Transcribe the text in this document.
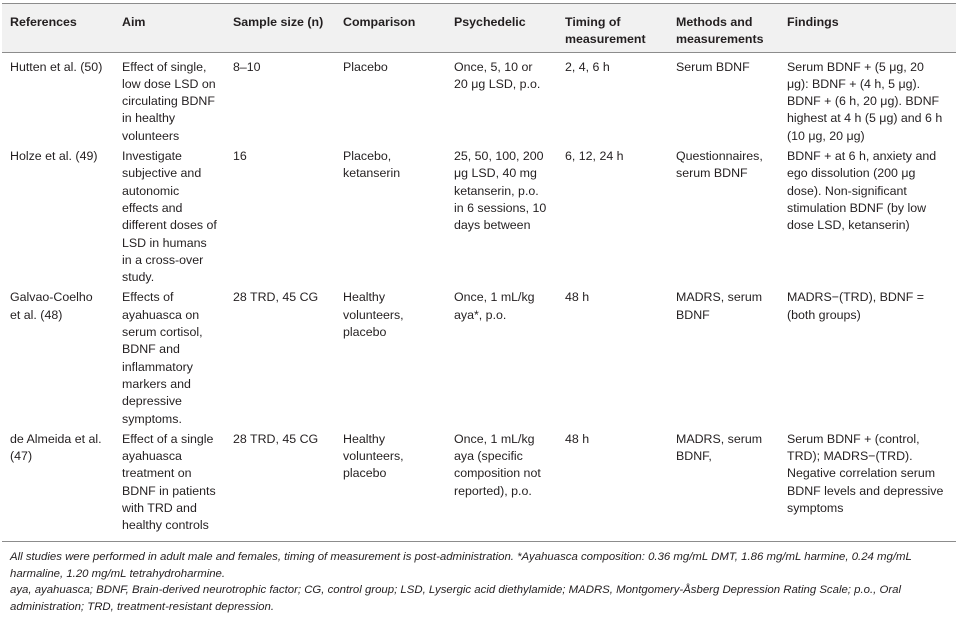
References	Aim	Sample size (n)	Comparison	Psychedelic	Timing of measurement	Methods and measurements	Findings
Hutten et al. (50)	Effect of single, low dose LSD on circulating BDNF in healthy volunteers	8–10	Placebo	Once, 5, 10 or 20 μg LSD, p.o.	2, 4, 6 h	Serum BDNF	Serum BDNF + (5 μg, 20 μg): BDNF + (4 h, 5 μg). BDNF + (6 h, 20 μg). BDNF highest at 4 h (5 μg) and 6 h (10 μg, 20 μg)
Holze et al. (49)	Investigate subjective and autonomic effects and different doses of LSD in humans in a cross-over study.	16	Placebo, ketanserin	25, 50, 100, 200 μg LSD, 40 mg ketanserin, p.o. in 6 sessions, 10 days between	6, 12, 24 h	Questionnaires, serum BDNF	BDNF + at 6 h, anxiety and ego dissolution (200 μg dose). Non-significant stimulation BDNF (by low dose LSD, ketanserin)
Galvao-Coelho et al. (48)	Effects of ayahuasca on serum cortisol, BDNF and inflammatory markers and depressive symptoms.	28 TRD, 45 CG	Healthy volunteers, placebo	Once, 1 mL/kg aya*, p.o.	48 h	MADRS, serum BDNF	MADRS−(TRD), BDNF = (both groups)
de Almeida et al. (47)	Effect of a single ayahuasca treatment on BDNF in patients with TRD and healthy controls	28 TRD, 45 CG	Healthy volunteers, placebo	Once, 1 mL/kg aya (specific composition not reported), p.o.	48 h	MADRS, serum BDNF,	Serum BDNF + (control, TRD); MADRS−(TRD). Negative correlation serum BDNF levels and depressive symptoms

All studies were performed in adult male and females, timing of measurement is post-administration. *Ayahuasca composition: 0.36 mg/mL DMT, 1.86 mg/mL harmine, 0.24 mg/mL harmaline, 1.20 mg/mL tetrahydroharmine.

aya, ayahuasca; BDNF, Brain-derived neurotrophic factor; CG, control group; LSD, Lysergic acid diethylamide; MADRS, Montgomery-Åsberg Depression Rating Scale; p.o., Oral administration; TRD, treatment-resistant depression.
